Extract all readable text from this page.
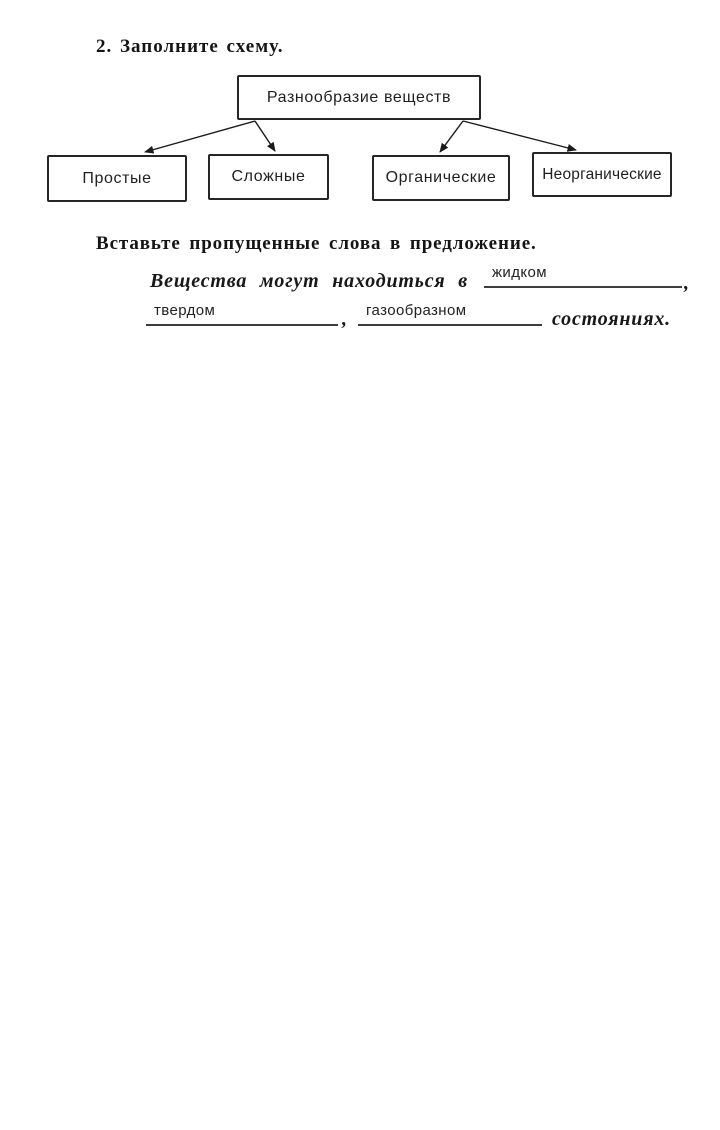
2. Заполните схему.
Разнообразие веществ
Простые	Сложные	Органические	Неорганические
Вставьте пропущенные слова в предложение.
Вещества могут находиться в	жидком	,
твердом	,	газообразном	состояниях.
